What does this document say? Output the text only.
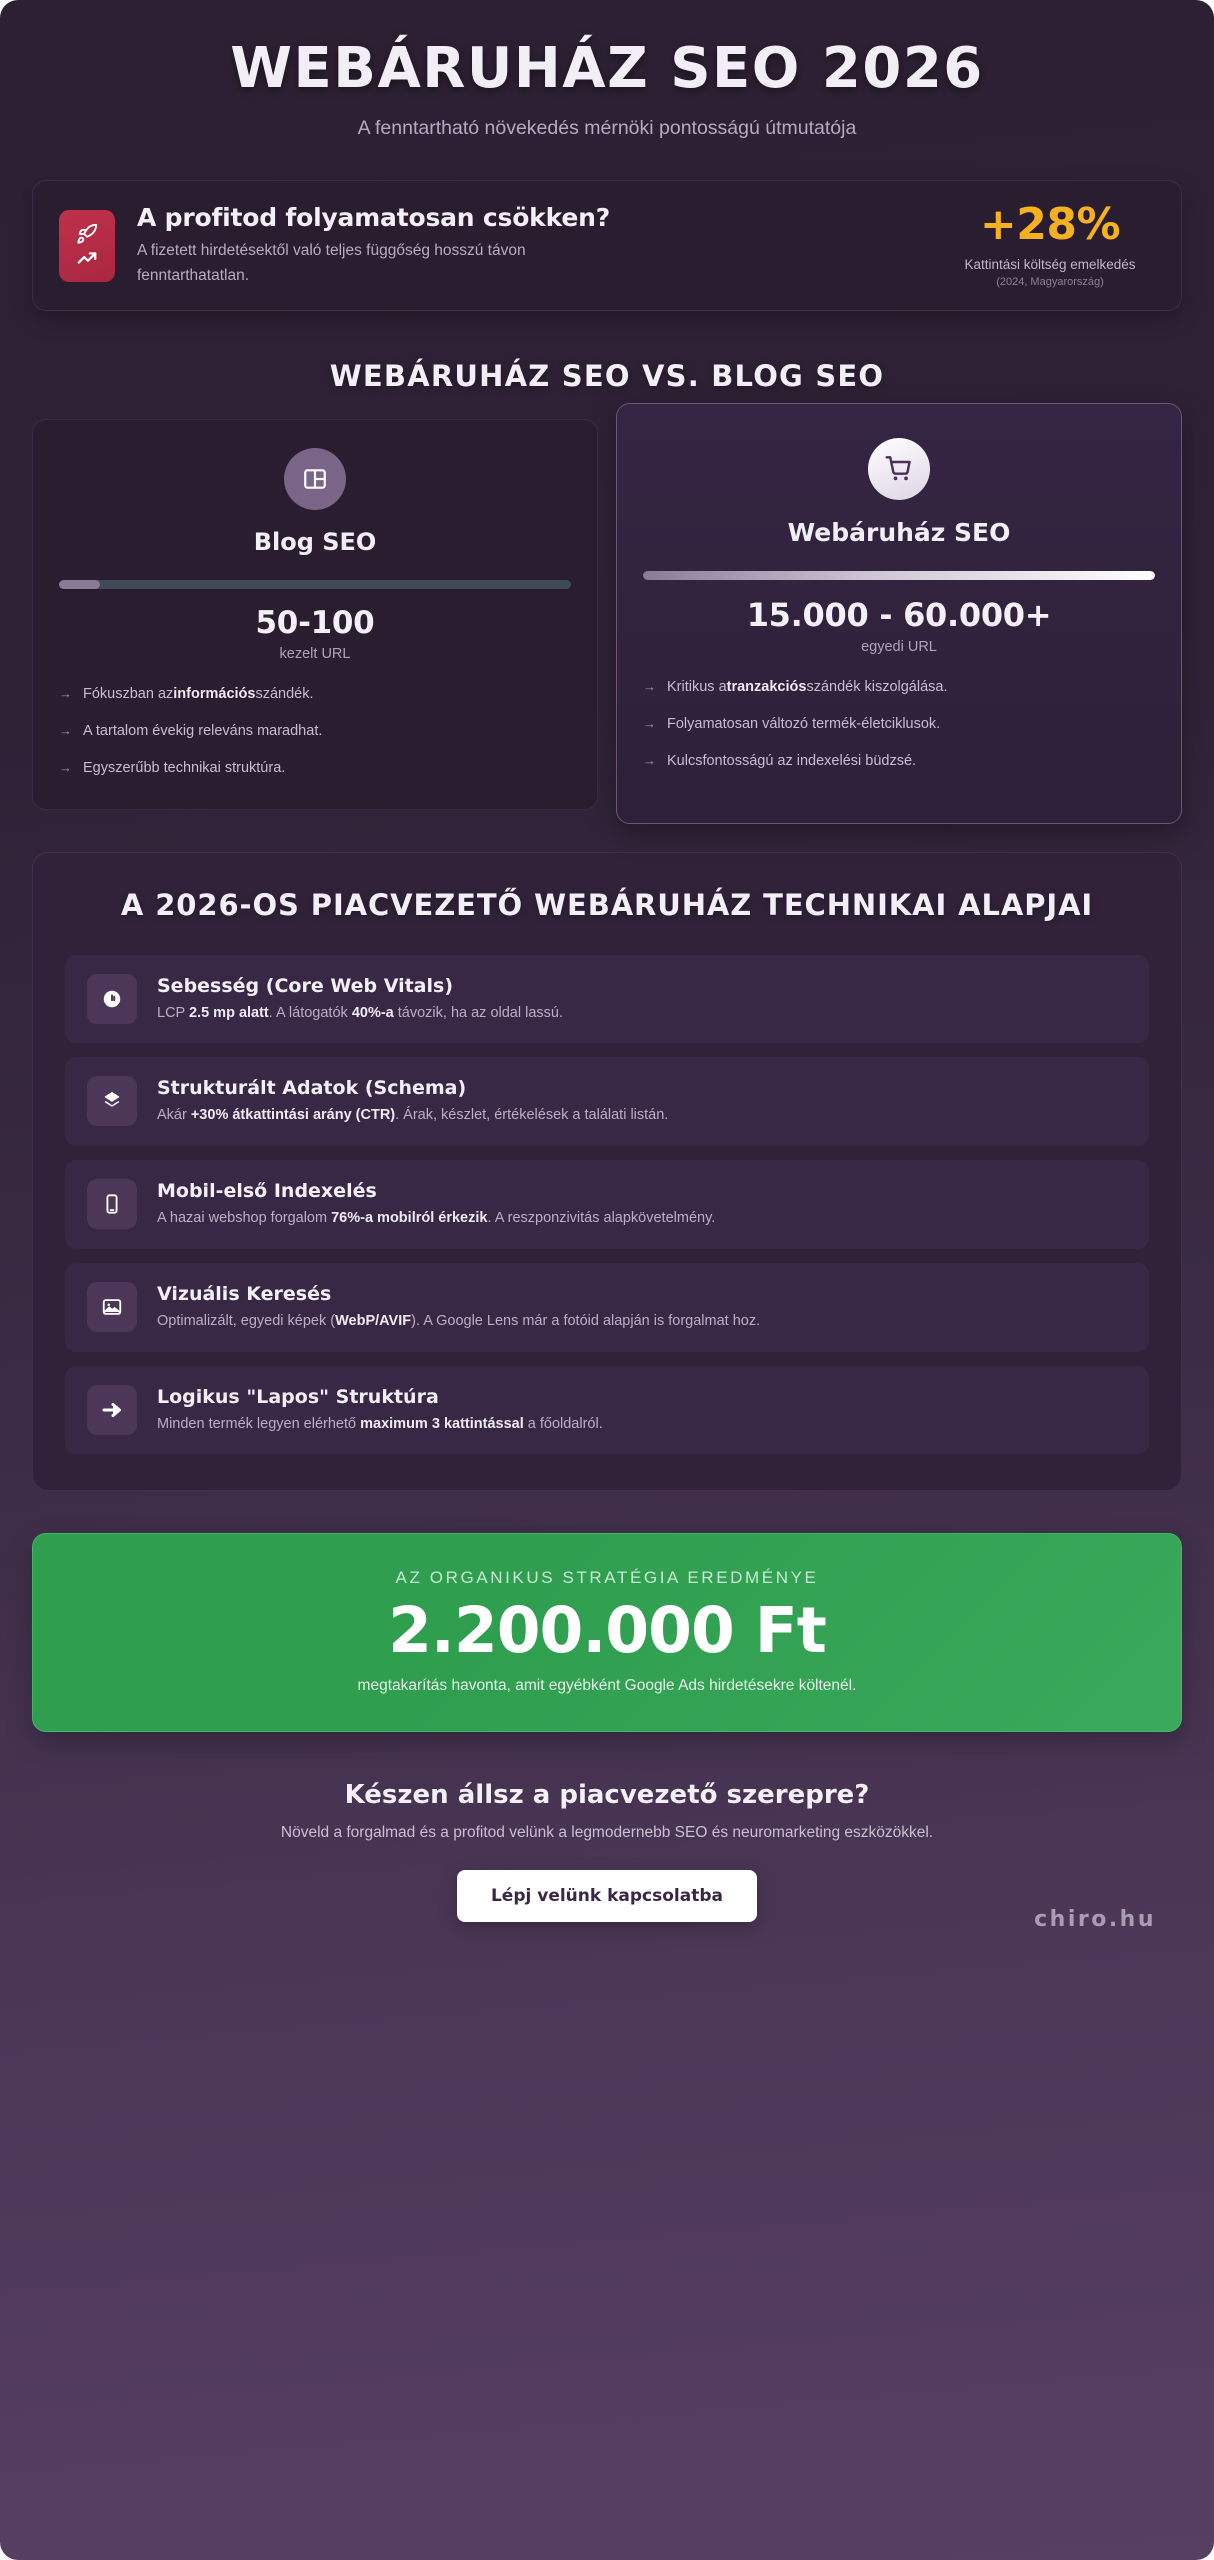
WEBÁRUHÁZ SEO 2026
A fenntartható növekedés mérnöki pontosságú útmutatója
A profitod folyamatosan csökken?
A fizetett hirdetésektől való teljes függőség hosszú távon fenntarthatatlan.
+28%
Kattintási költség emelkedés
(2024, Magyarország)
WEBÁRUHÁZ SEO VS. BLOG SEO
Blog SEO
50-100
kezelt URL
→ Fókuszban azinformációsszándék.
→ A tartalom évekig releváns maradhat.
→ Egyszerűbb technikai struktúra.
Webáruház SEO
15.000 - 60.000+
egyedi URL
→ Kritikus atranzakciósszándék kiszolgálása.
→ Folyamatosan változó termék-életciklusok.
→ Kulcsfontosságú az indexelési büdzsé.
A 2026-OS PIACVEZETŐ WEBÁRUHÁZ TECHNIKAI ALAPJAI
Sebesség (Core Web Vitals)
LCP 2.5 mp alatt. A látogatók 40%-a távozik, ha az oldal lassú.
Strukturált Adatok (Schema)
Akár +30% átkattintási arány (CTR). Árak, készlet, értékelések a találati listán.
Mobil-első Indexelés
A hazai webshop forgalom 76%-a mobilról érkezik. A reszponzivitás alapkövetelmény.
Vizuális Keresés
Optimalizált, egyedi képek (WebP/AVIF). A Google Lens már a fotóid alapján is forgalmat hoz.
Logikus "Lapos" Struktúra
Minden termék legyen elérhető maximum 3 kattintással a főoldalról.
AZ ORGANIKUS STRATÉGIA EREDMÉNYE
2.200.000 Ft
megtakarítás havonta, amit egyébként Google Ads hirdetésekre költenél.
Készen állsz a piacvezető szerepre?
Növeld a forgalmad és a profitod velünk a legmodernebb SEO és neuromarketing eszközökkel.
Lépj velünk kapcsolatba
chiro.hu
